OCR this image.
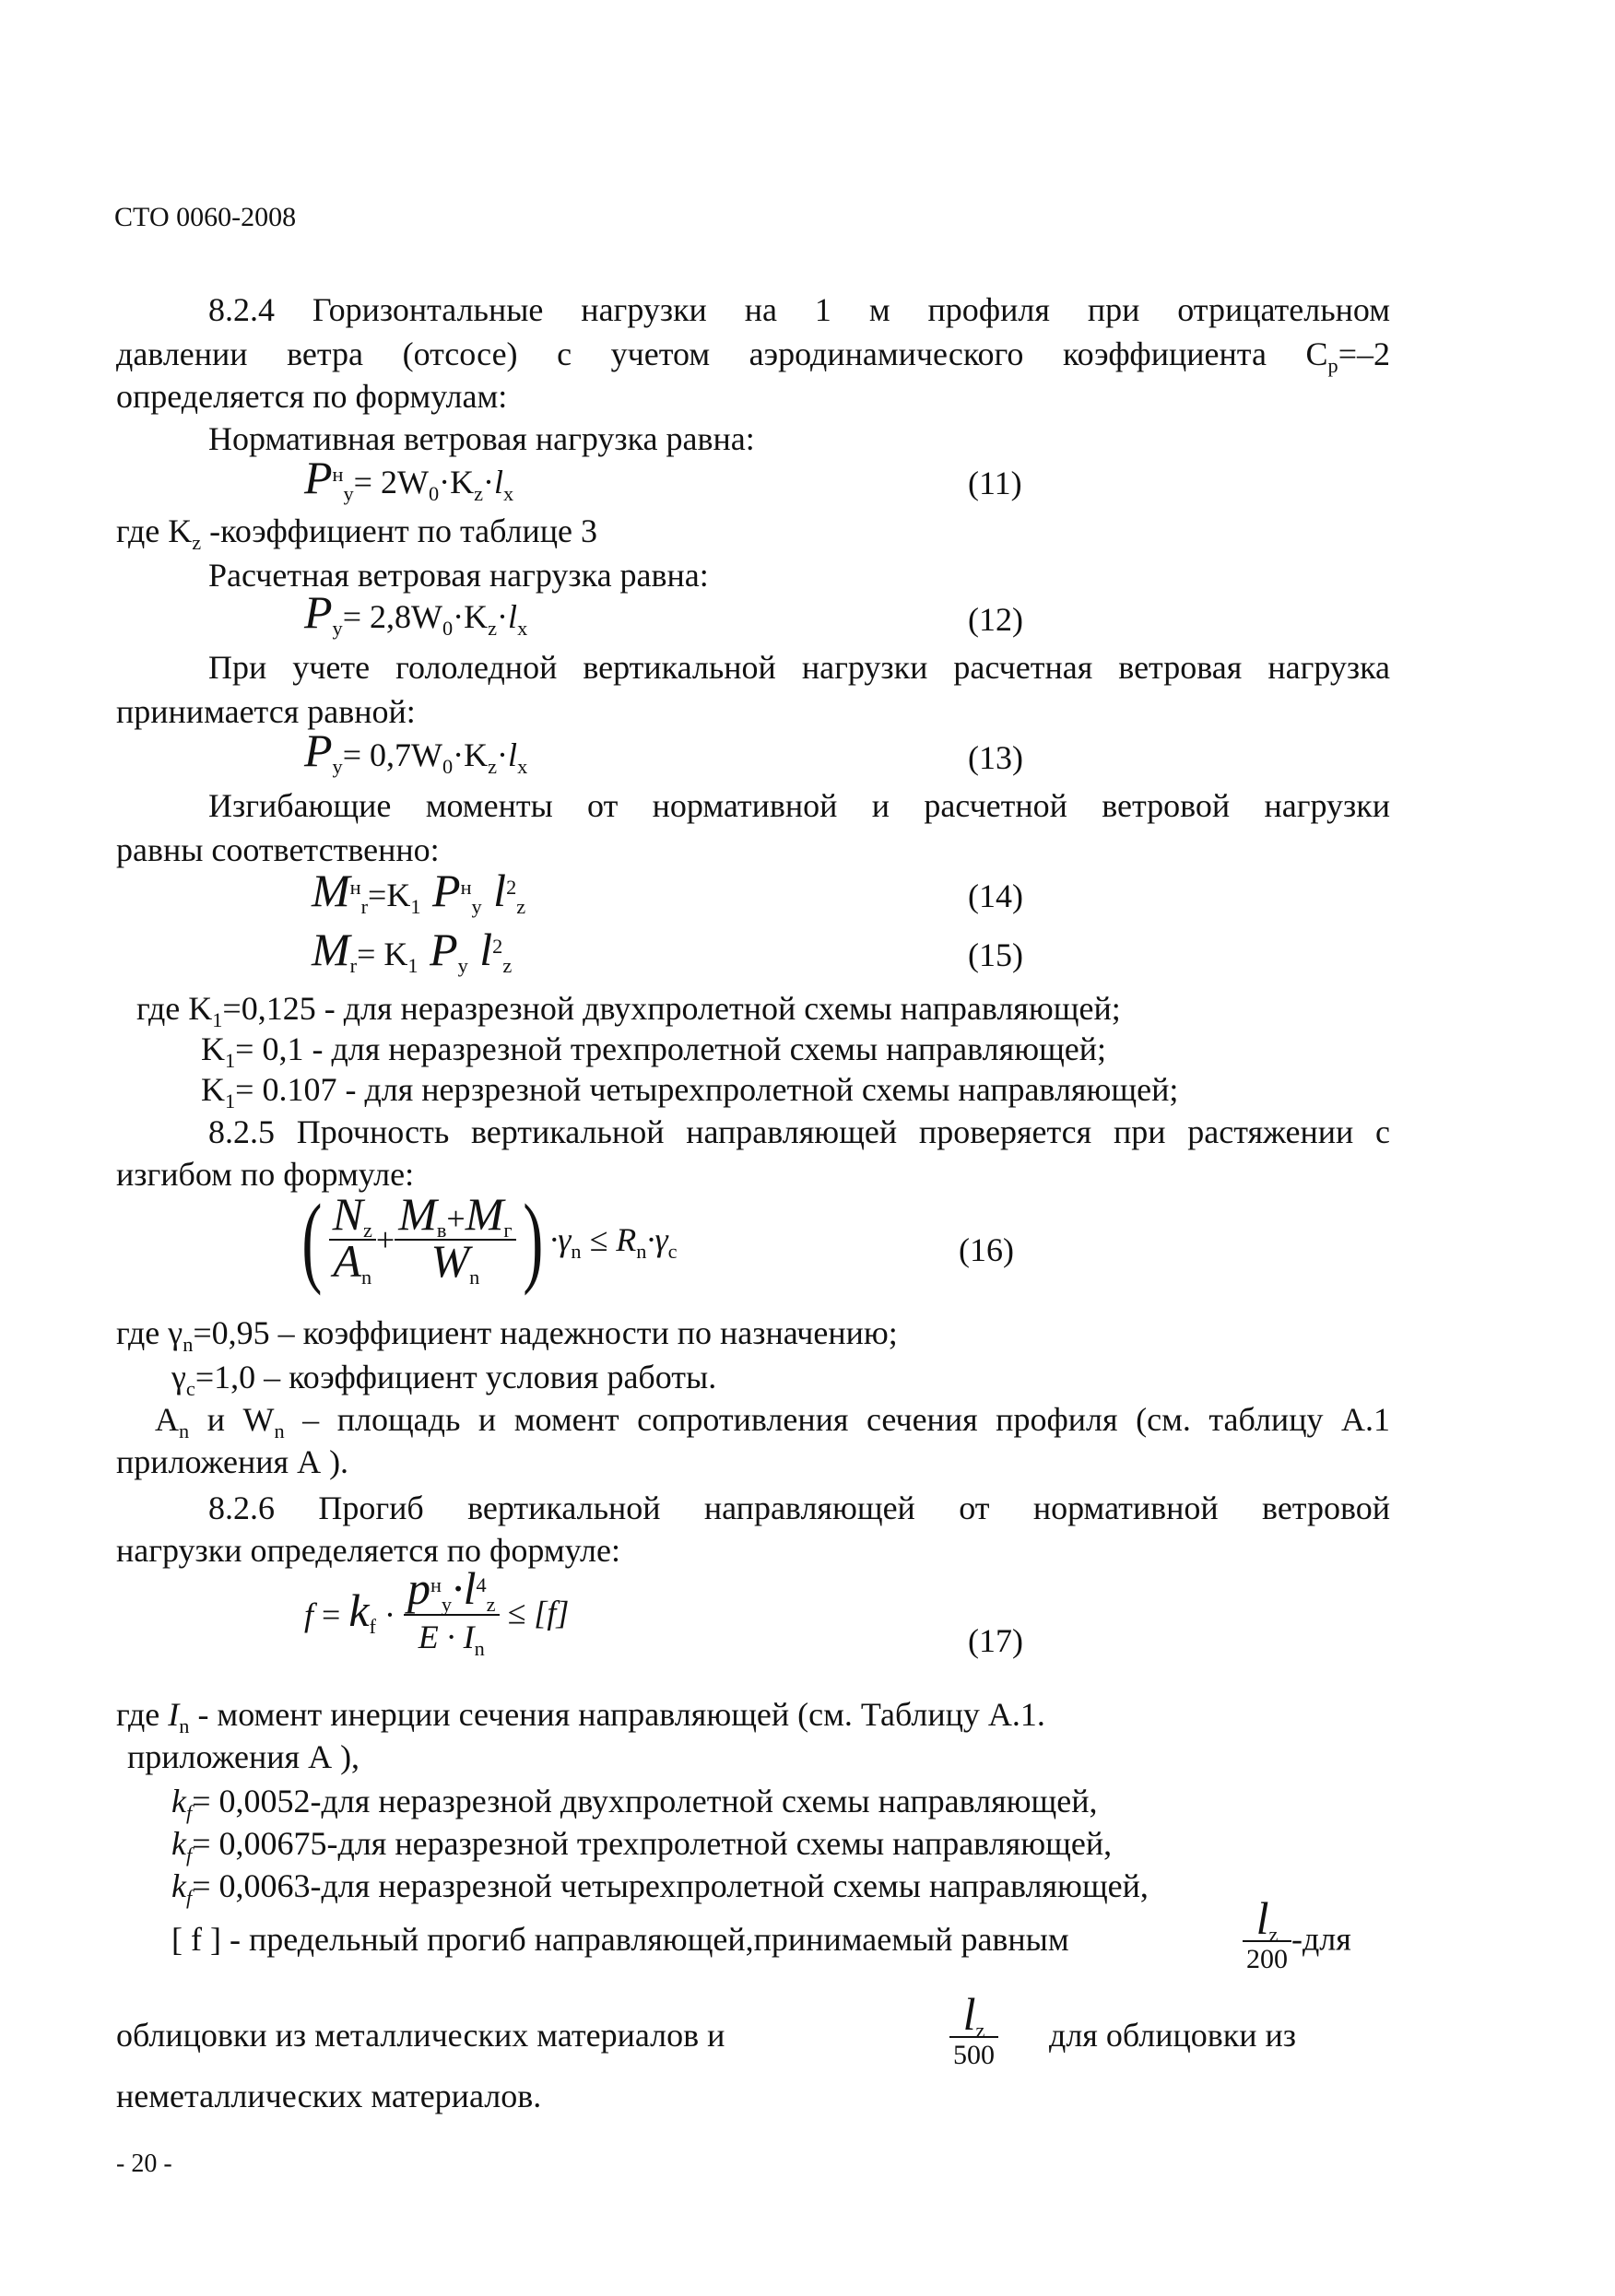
СТО 0060-2008
8.2.4 Горизонтальные нагрузки на 1 м профиля при отрицательном
давлении ветра (отсосе) с учетом аэродинамического коэффициента $С_р=-2$
определяется по формулам:
Нормативная ветровая нагрузка равна:
$P^н_у= 2W_0\cdot K_z\cdot l_x$	(11)
где $K_z$ -коэффициент по таблице 3
Расчетная ветровая нагрузка равна:
$P_у= 2,8W_0\cdot K_z\cdot l_x$	(12)
При учете гололедной вертикальной нагрузки расчетная ветровая нагрузка
принимается равной:
$P_у= 0,7W_0\cdot K_z\cdot l_x$	(13)
Изгибающие моменты от нормативной и расчетной ветровой нагрузки
равны соответственно:
$M^н_r=K_1$ $P^н_y$ $l^2_z$	(14)
$M_r= K_1$ $P_y$ $l^2_z$	(15)
где $K_1=0,125$ - для неразрезной двухпролетной схемы направляющей;
$K_1= 0,1$ - для неразрезной трехпролетной схемы направляющей;
$K_1= 0.107$ - для нерзрезной четырехпролетной схемы направляющей;
8.2.5 Прочность вертикальной направляющей проверяется при растяжении с
изгибом по формуле:
( $\frac{N_z}{A_n} + \frac{M_в+M_г}{W_n}$ ) $\cdot\gamma_n \le R_n\cdot\gamma_c$	(16)
где $\gamma_n=0,95$ – коэффициент надежности по назначению;
$\gamma_c=1,0$ – коэффициент условия работы.
$A_n$ и $W_n$ – площадь и момент сопротивления сечения профиля (см. таблицу А.1
приложения А ).
8.2.6 Прогиб вертикальной направляющей от нормативной ветровой
нагрузки определяется по формуле:
$f = k_f \cdot \frac{p^н_y\cdot l^4_z}{E \cdot I_n} \le [f]$
(17)
где $I_n$ - момент инерции сечения направляющей (см. Таблицу А.1.
приложения А ),
$k_f= 0,0052-для$ неразрезной двухпролетной схемы направляющей,
$k_f= 0,00675-для$ неразрезной трехпролетной схемы направляющей,
$k_f= 0,0063-для$ неразрезной четырехпролетной схемы направляющей,
[ f ] - предельный прогиб направляющей,принимаемый равным	$\frac{l_z}{200} -для$
облицовки из металлических материалов и	$\frac{l_z}{500}$ для облицовки из
неметаллических материалов.
- 20 -
